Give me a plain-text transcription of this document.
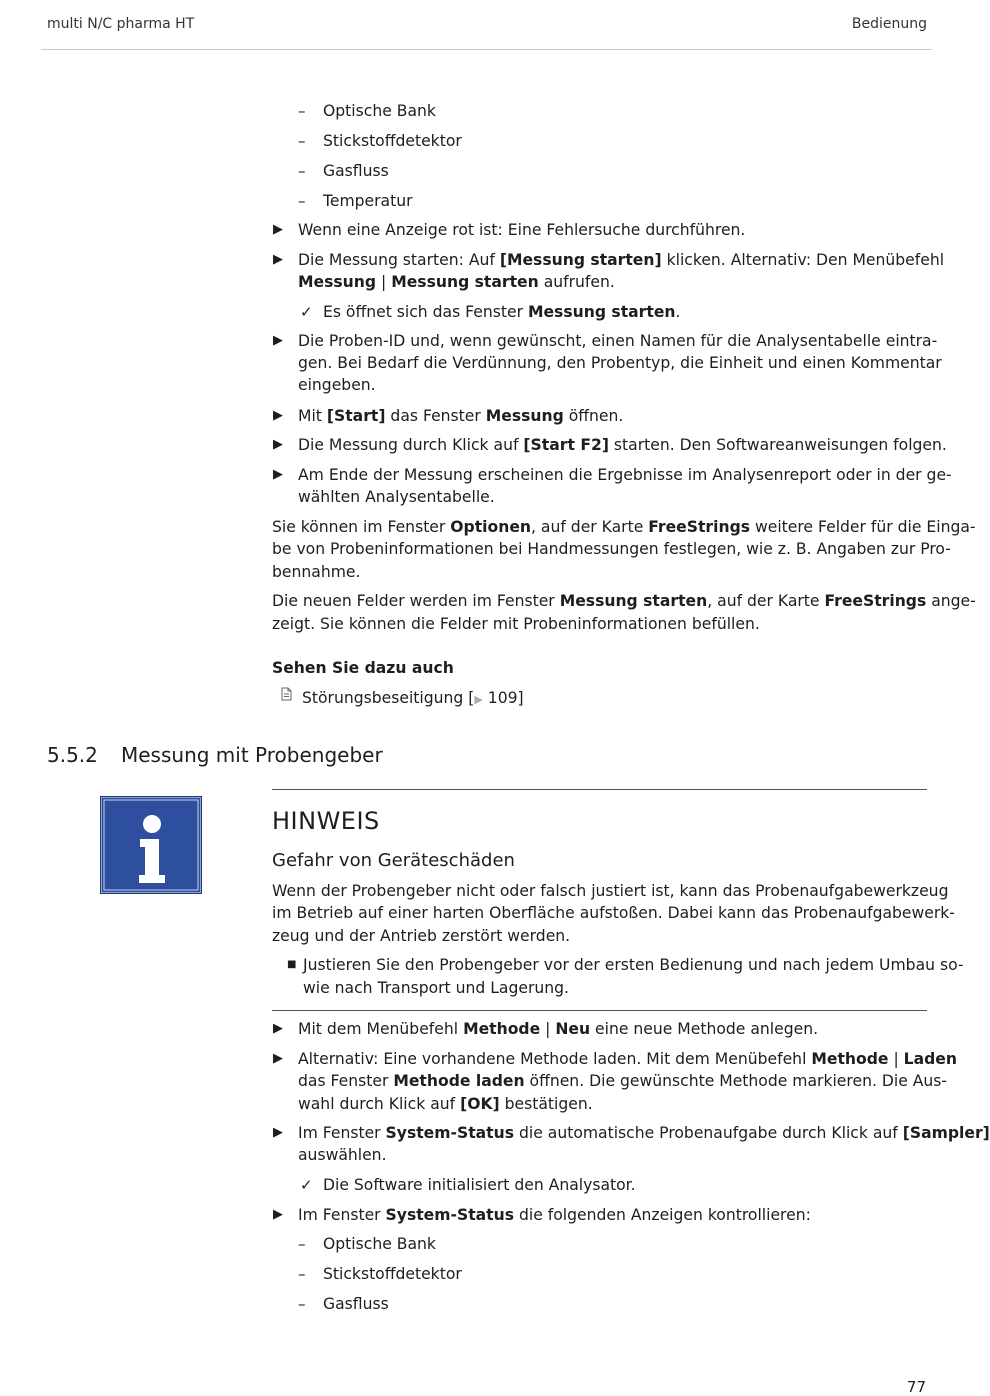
multi N/C pharma HT	Bedienung
– Optische Bank
– Stickstoffdetektor
– Gasfluss
– Temperatur
▶ Wenn eine Anzeige rot ist: Eine Fehlersuche durchführen.
▶ Die Messung starten: Auf [Messung starten] klicken. Alternativ: Den Menübefehl
Messung | Messung starten aufrufen.
✓ Es öffnet sich das Fenster Messung starten.
▶ Die Proben-ID und, wenn gewünscht, einen Namen für die Analysentabelle eintra-
gen. Bei Bedarf die Verdünnung, den Probentyp, die Einheit und einen Kommentar
eingeben.
▶ Mit [Start] das Fenster Messung öffnen.
▶ Die Messung durch Klick auf [Start F2] starten. Den Softwareanweisungen folgen.
▶ Am Ende der Messung erscheinen die Ergebnisse im Analysenreport oder in der ge-
wählten Analysentabelle.
Sie können im Fenster Optionen, auf der Karte FreeStrings weitere Felder für die Einga-
be von Probeninformationen bei Handmessungen festlegen, wie z. B. Angaben zur Pro-
bennahme.
Die neuen Felder werden im Fenster Messung starten, auf der Karte FreeStrings ange-
zeigt. Sie können die Felder mit Probeninformationen befüllen.
Sehen Sie dazu auch
Störungsbeseitigung [▶ 109]
5.5.2 Messung mit Probengeber
HINWEIS
Gefahr von Geräteschäden
Wenn der Probengeber nicht oder falsch justiert ist, kann das Probenaufgabewerkzeug
im Betrieb auf einer harten Oberfläche aufstoßen. Dabei kann das Probenaufgabewerk-
zeug und der Antrieb zerstört werden.
■ Justieren Sie den Probengeber vor der ersten Bedienung und nach jedem Umbau so-
wie nach Transport und Lagerung.
▶ Mit dem Menübefehl Methode | Neu eine neue Methode anlegen.
▶ Alternativ: Eine vorhandene Methode laden. Mit dem Menübefehl Methode | Laden
das Fenster Methode laden öffnen. Die gewünschte Methode markieren. Die Aus-
wahl durch Klick auf [OK] bestätigen.
▶ Im Fenster System-Status die automatische Probenaufgabe durch Klick auf [Sampler]
auswählen.
✓ Die Software initialisiert den Analysator.
▶ Im Fenster System-Status die folgenden Anzeigen kontrollieren:
– Optische Bank
– Stickstoffdetektor
– Gasfluss
77
